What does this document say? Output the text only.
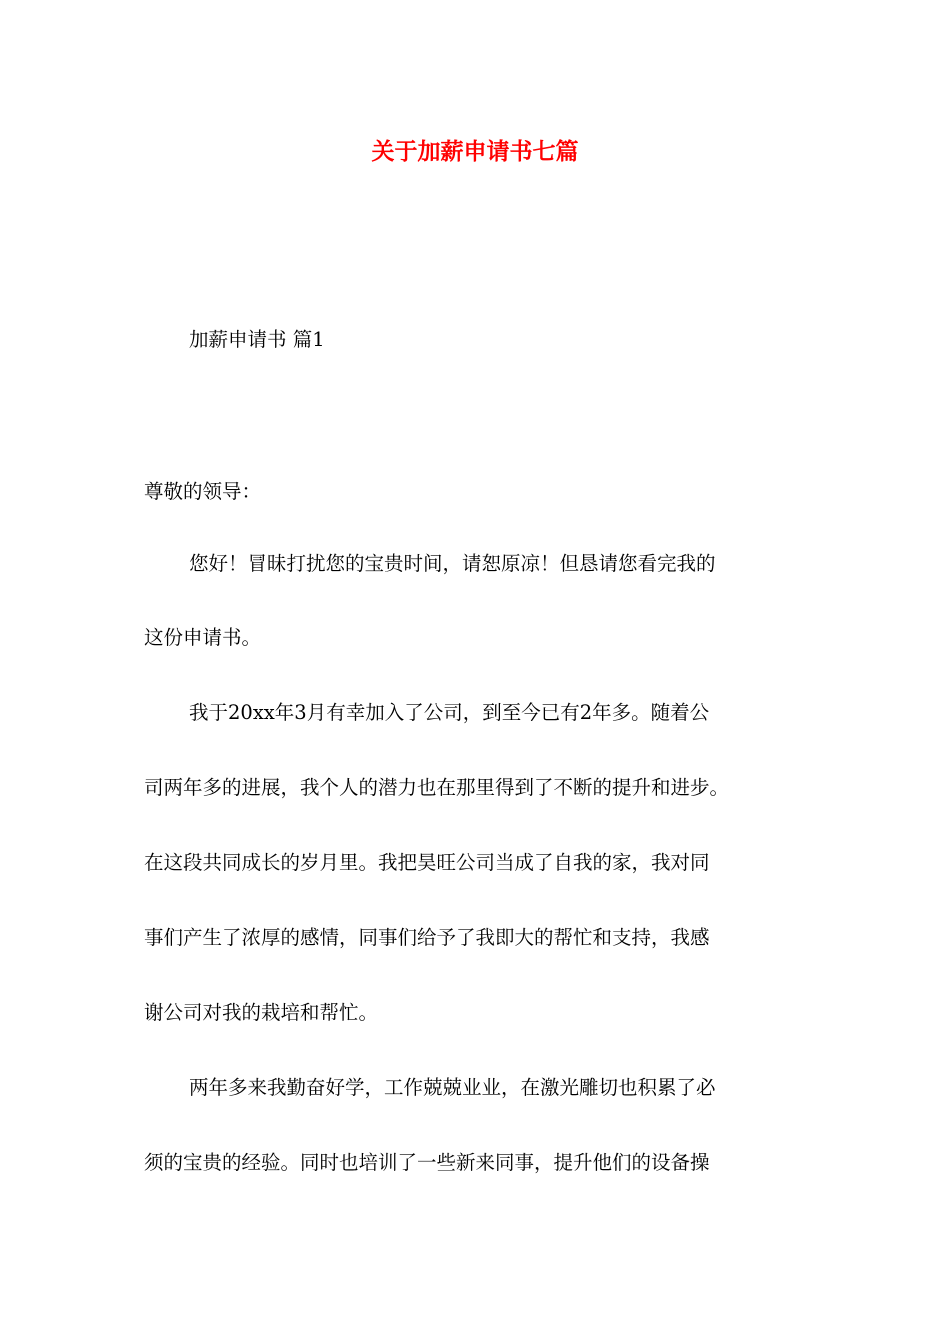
关于加薪申请书七篇

加薪申请书 篇1

尊敬的领导：

您好！冒昧打扰您的宝贵时间，请恕原凉！但恳请您看完我的

这份申请书。

我于20xx年3月有幸加入了公司，到至今已有2年多。随着公

司两年多的进展，我个人的潜力也在那里得到了不断的提升和进步。

在这段共同成长的岁月里。我把昊旺公司当成了自我的家，我对同

事们产生了浓厚的感情，同事们给予了我即大的帮忙和支持，我感

谢公司对我的栽培和帮忙。

两年多来我勤奋好学，工作兢兢业业，在激光雕切也积累了必

须的宝贵的经验。同时也培训了一些新来同事，提升他们的设备操
